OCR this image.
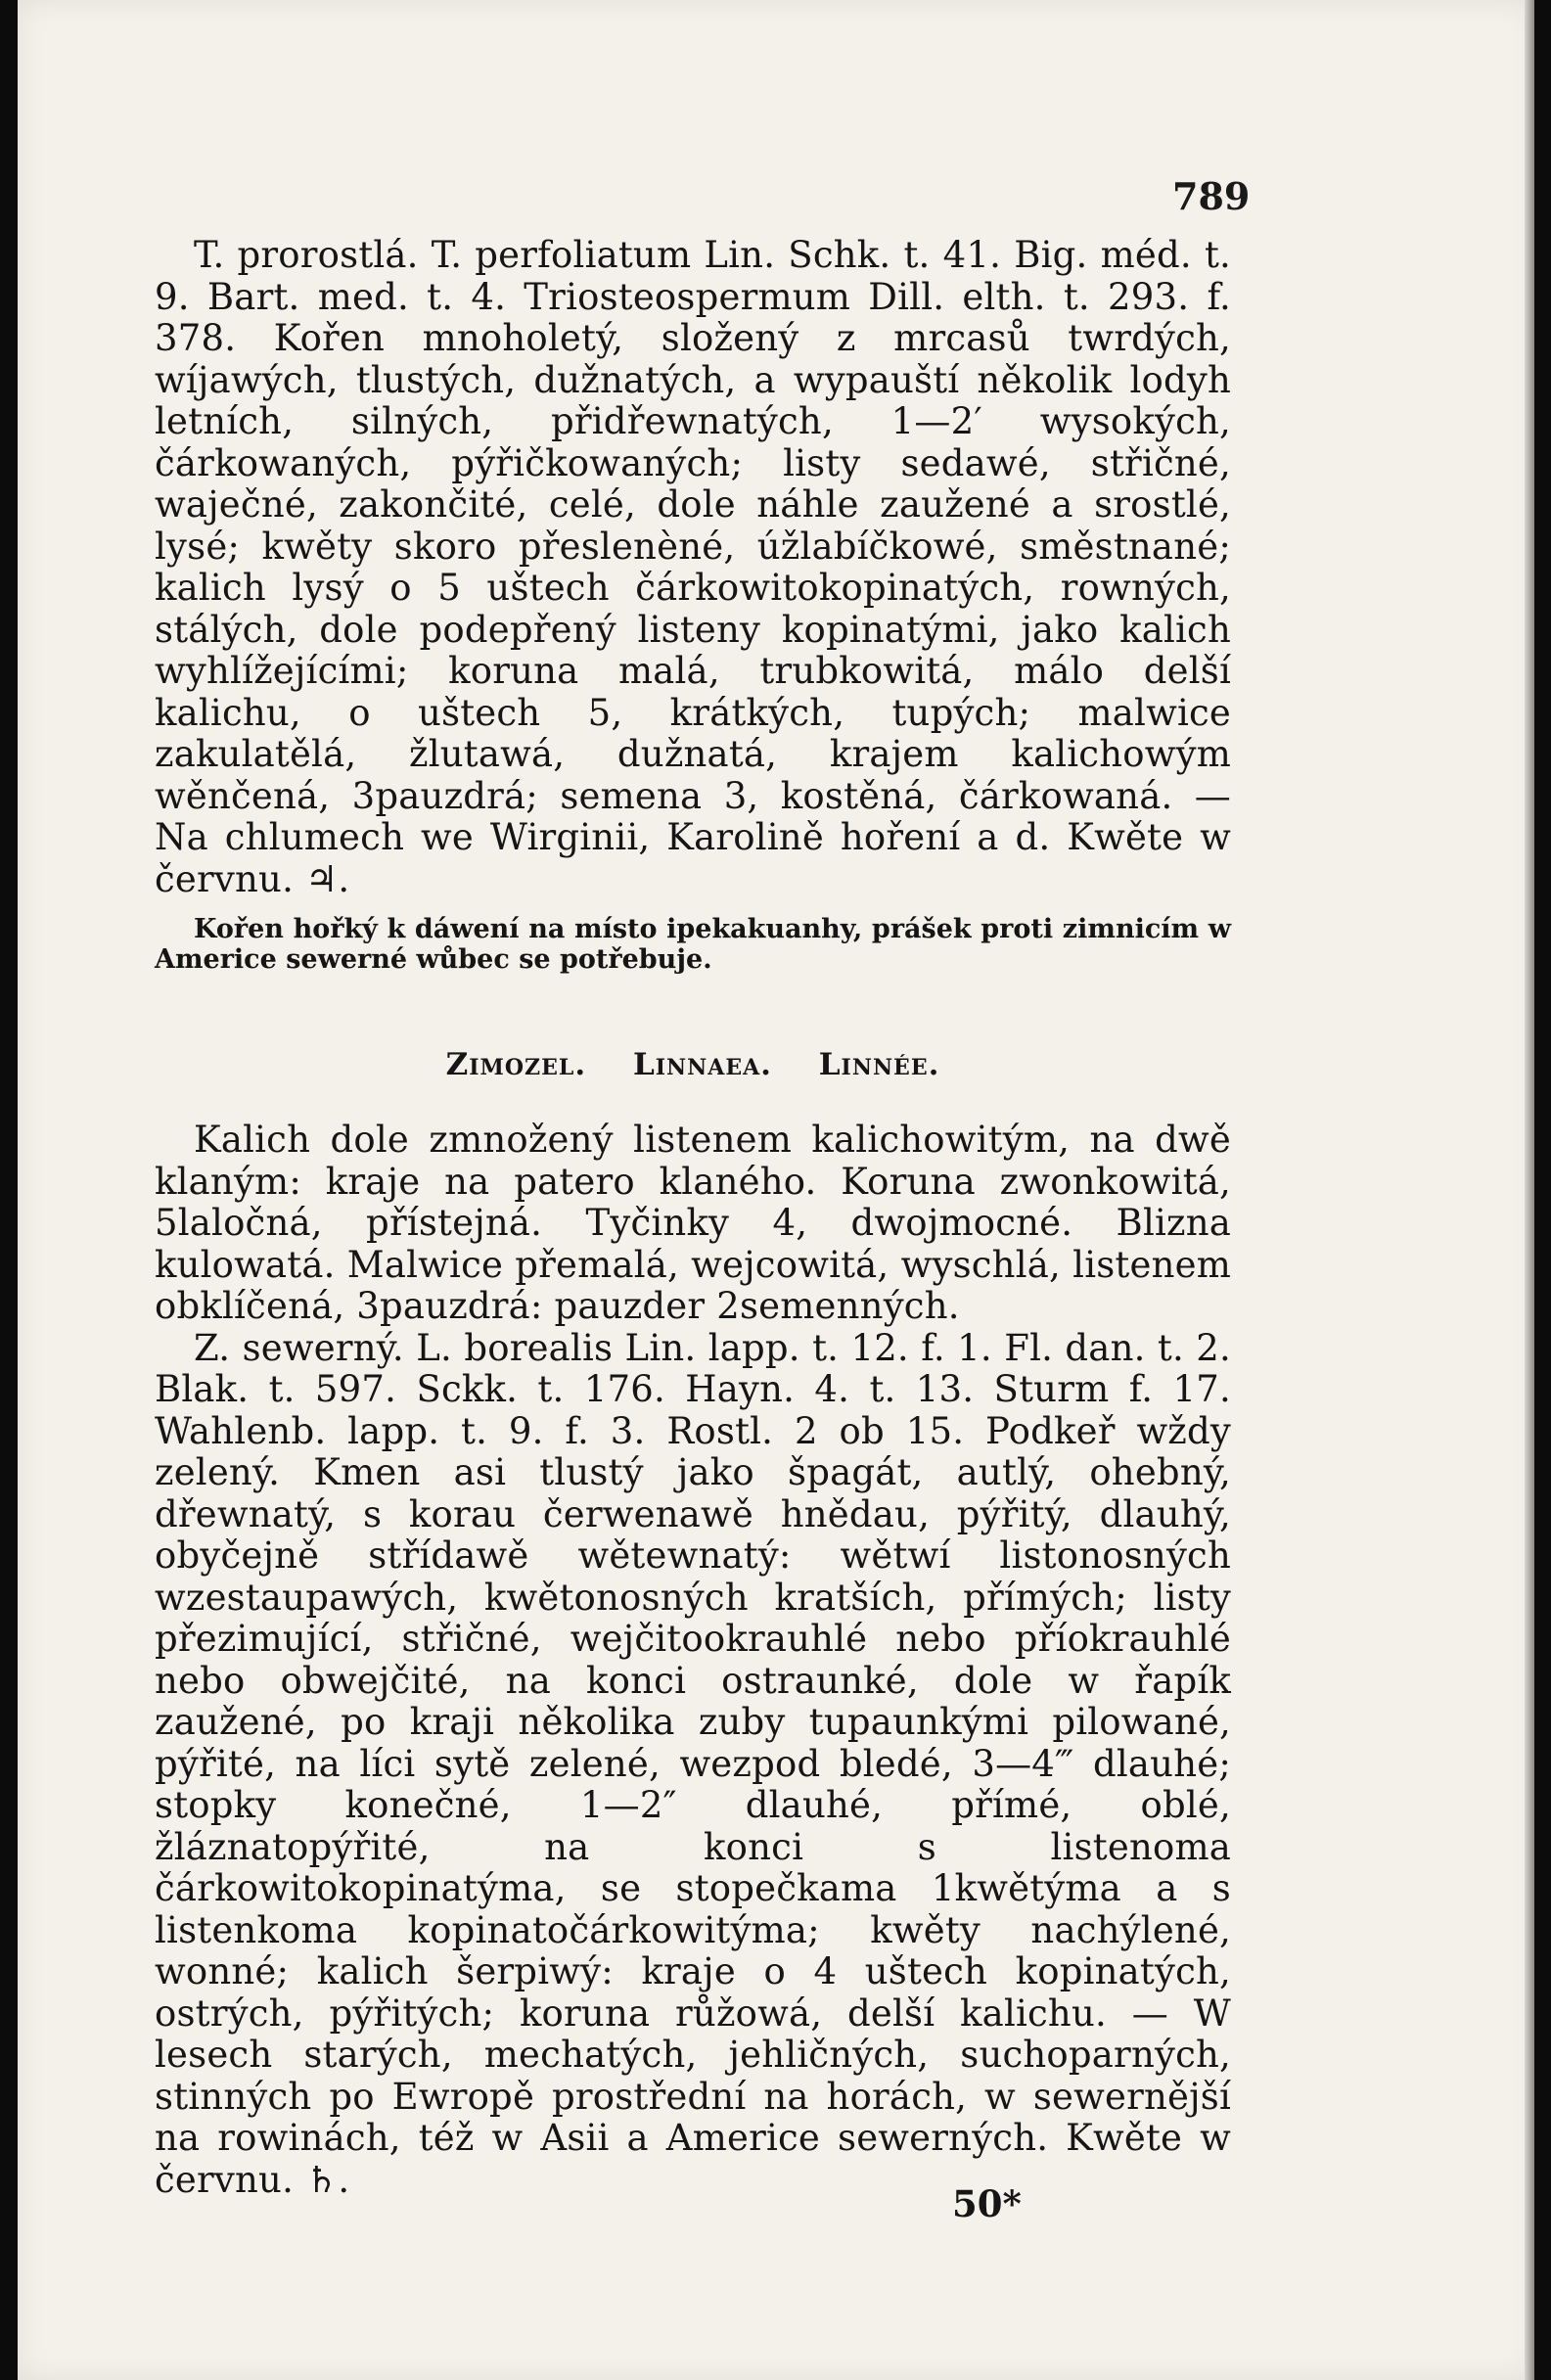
789

T. prorostlá. T. perfoliatum Lin. Schk. t. 41. Big. méd. t. 9. Bart. med. t. 4. Triosteospermum Dill. elth. t. 293. f. 378. Kořen mnoholetý, složený z mrcasů twrdých, wíjawých, tlustých, dužnatých, a wypauští několik lodyh letních, silných, přidřewnatých, 1—2′ wysokých, čárkowaných, pýřičkowaných; listy sedawé, střičné, waječné, zakončité, celé, dole náhle zaužené a srostlé, lysé; kwěty skoro přeslenèné, úžlabíčkowé, směstnané; kalich lysý o 5 uštech čárkowitokopinatých, rowných, stálých, dole podepřený listeny kopinatými, jako kalich wyhlížejícími; koruna malá, trubkowitá, málo delší kalichu, o uštech 5, krátkých, tupých; malwice zakulatělá, žlutawá, dužnatá, krajem kalichowým wěnčená, 3pauzdrá; semena 3, kostěná, čárkowaná. — Na chlumech we Wirginii, Karolině hoření a d. Kwěte w červnu. ♃.

Kořen hořký k dáwení na místo ipekakuanhy, prášek proti zimnicím w Americe sewerné wůbec se potřebuje.

Zimozel. Linnaea. Linnée.

Kalich dole zmnožený listenem kalichowitým, na dwě klaným: kraje na patero klaného. Koruna zwonkowitá, 5laločná, přístejná. Tyčinky 4, dwojmocné. Blizna kulowatá. Malwice přemalá, wejcowitá, wyschlá, listenem obklíčená, 3pauzdrá: pauzder 2semenných.

Z. sewerný. L. borealis Lin. lapp. t. 12. f. 1. Fl. dan. t. 2. Blak. t. 597. Sckk. t. 176. Hayn. 4. t. 13. Sturm f. 17. Wahlenb. lapp. t. 9. f. 3. Rostl. 2 ob 15. Podkeř wždy zelený. Kmen asi tlustý jako špagát, autlý, ohebný, dřewnatý, s korau čerwenawě hnědau, pýřitý, dlauhý, obyčejně střídawě wětewnatý: wětwí listonosných wzestaupawých, kwětonosných kratších, přímých; listy přezimující, střičné, wejčitookrauhlé nebo příokrauhlé nebo obwejčité, na konci ostraunké, dole w řapík zaužené, po kraji několika zuby tupaunkými pilowané, pýřité, na líci sytě zelené, wezpod bledé, 3—4‴ dlauhé; stopky konečné, 1—2″ dlauhé, přímé, oblé, žláznatopýřité, na konci s listenoma čárkowitokopinatýma, se stopečkama 1kwětýma a s listenkoma kopinatočárkowitýma; kwěty nachýlené, wonné; kalich šerpiwý: kraje o 4 uštech kopinatých, ostrých, pýřitých; koruna růžowá, delší kalichu. — W lesech starých, mechatých, jehličných, suchoparných, stinných po Ewropě prostřední na horách, w sewernější na rowinách, též w Asii a Americe sewerných. Kwěte w červnu. ♄.

50*
